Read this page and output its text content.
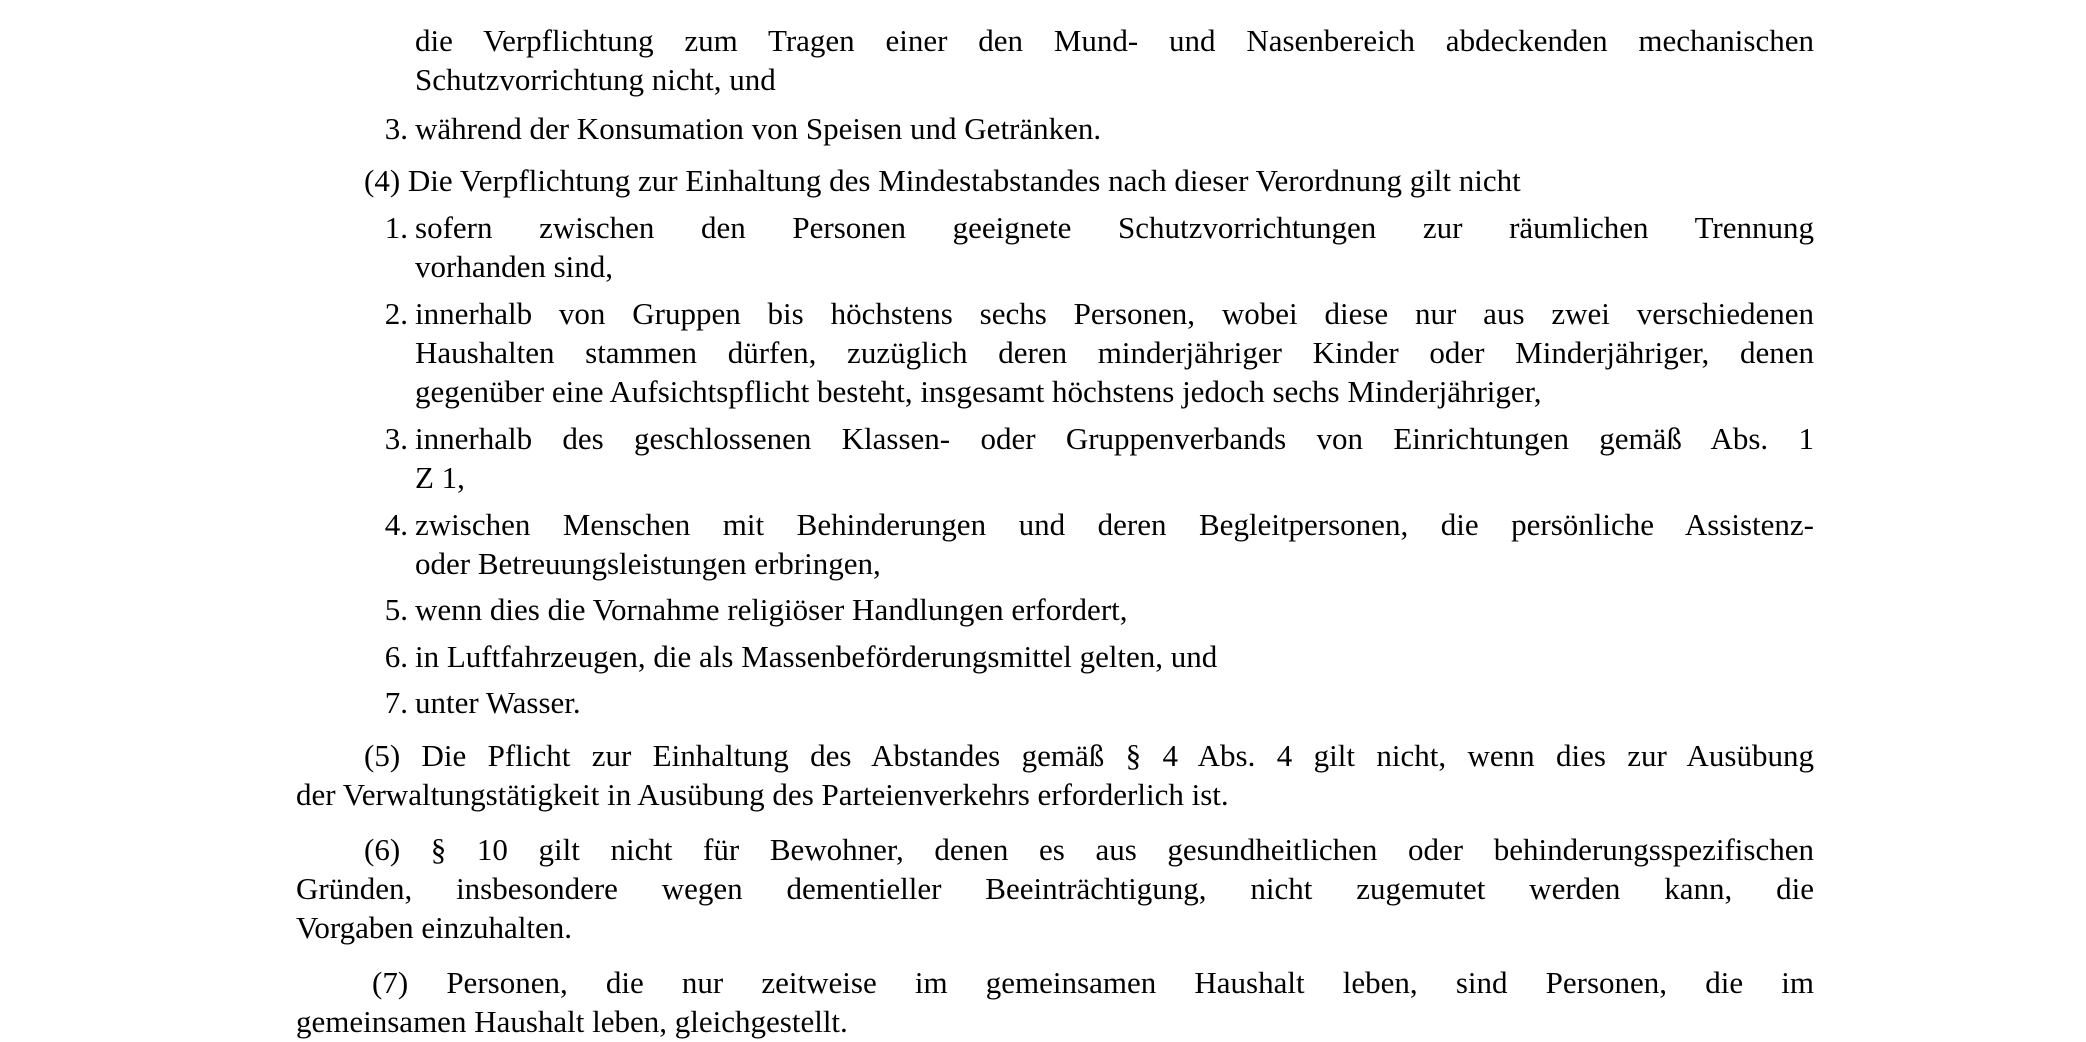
die Verpflichtung zum Tragen einer den Mund- und Nasenbereich abdeckenden mechanischen
Schutzvorrichtung nicht, und
3. während der Konsumation von Speisen und Getränken.
(4) Die Verpflichtung zur Einhaltung des Mindestabstandes nach dieser Verordnung gilt nicht
1. sofern zwischen den Personen geeignete Schutzvorrichtungen zur räumlichen Trennung
vorhanden sind,
2. innerhalb von Gruppen bis höchstens sechs Personen, wobei diese nur aus zwei verschiedenen
Haushalten stammen dürfen, zuzüglich deren minderjähriger Kinder oder Minderjähriger, denen
gegenüber eine Aufsichtspflicht besteht, insgesamt höchstens jedoch sechs Minderjähriger,
3. innerhalb des geschlossenen Klassen- oder Gruppenverbands von Einrichtungen gemäß Abs. 1
Z 1,
4. zwischen Menschen mit Behinderungen und deren Begleitpersonen, die persönliche Assistenz-
oder Betreuungsleistungen erbringen,
5. wenn dies die Vornahme religiöser Handlungen erfordert,
6. in Luftfahrzeugen, die als Massenbeförderungsmittel gelten, und
7. unter Wasser.
(5) Die Pflicht zur Einhaltung des Abstandes gemäß § 4 Abs. 4 gilt nicht, wenn dies zur Ausübung
der Verwaltungstätigkeit in Ausübung des Parteienverkehrs erforderlich ist.
(6) § 10 gilt nicht für Bewohner, denen es aus gesundheitlichen oder behinderungsspezifischen
Gründen, insbesondere wegen dementieller Beeinträchtigung, nicht zugemutet werden kann, die
Vorgaben einzuhalten.
(7) Personen, die nur zeitweise im gemeinsamen Haushalt leben, sind Personen, die im
gemeinsamen Haushalt leben, gleichgestellt.
